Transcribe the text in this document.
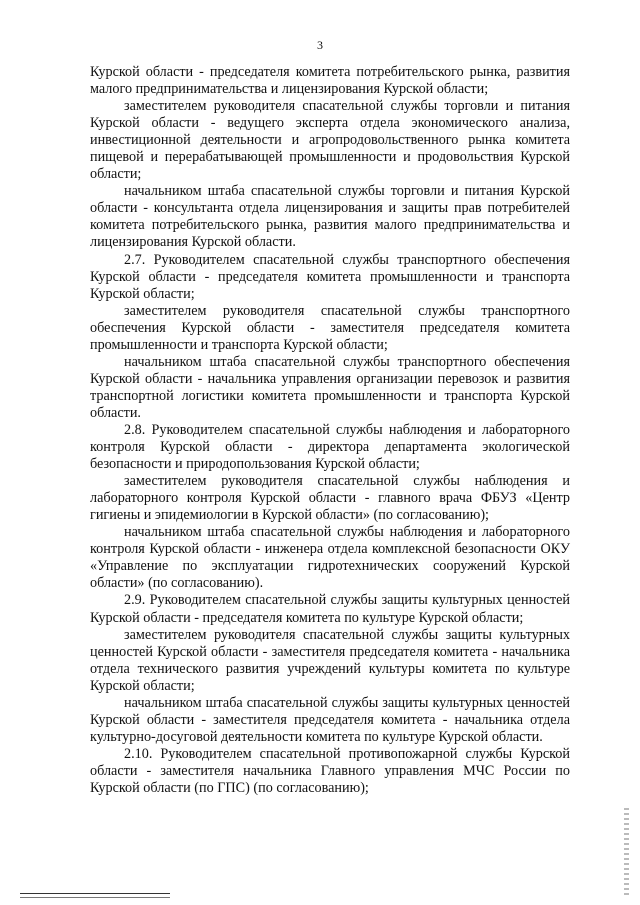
3

Курской области - председателя комитета потребительского рынка, развития малого предпринимательства и лицензирования Курской области;

заместителем руководителя спасательной службы торговли и питания Курской области - ведущего эксперта отдела экономического анализа, инвестиционной деятельности и агропродовольственного рынка комитета пищевой и перерабатывающей промышленности и продовольствия Курской области;

начальником штаба спасательной службы торговли и питания Курской области - консультанта отдела лицензирования и защиты прав потребителей комитета потребительского рынка, развития малого предпринимательства и лицензирования Курской области.

2.7. Руководителем спасательной службы транспортного обеспечения Курской области - председателя комитета промышленности и транспорта Курской области;

заместителем руководителя спасательной службы транспортного обеспечения Курской области - заместителя председателя комитета промышленности и транспорта Курской области;

начальником штаба спасательной службы транспортного обеспечения Курской области - начальника управления организации перевозок и развития транспортной логистики комитета промышленности и транспорта Курской области.

2.8. Руководителем спасательной службы наблюдения и лабораторного контроля Курской области - директора департамента экологической безопасности и природопользования Курской области;

заместителем руководителя спасательной службы наблюдения и лабораторного контроля Курской области - главного врача ФБУЗ «Центр гигиены и эпидемиологии в Курской области» (по согласованию);

начальником штаба спасательной службы наблюдения и лабораторного контроля Курской области - инженера отдела комплексной безопасности ОКУ «Управление по эксплуатации гидротехнических сооружений Курской области» (по согласованию).

2.9. Руководителем спасательной службы защиты культурных ценностей Курской области - председателя комитета по культуре Курской области;

заместителем руководителя спасательной службы защиты культурных ценностей Курской области - заместителя председателя комитета - начальника отдела технического развития учреждений культуры комитета по культуре Курской области;

начальником штаба спасательной службы защиты культурных ценностей Курской области - заместителя председателя комитета - начальника отдела культурно-досуговой деятельности комитета по культуре Курской области.

2.10. Руководителем спасательной противопожарной службы Курской области - заместителя начальника Главного управления МЧС России по Курской области (по ГПС) (по согласованию);
